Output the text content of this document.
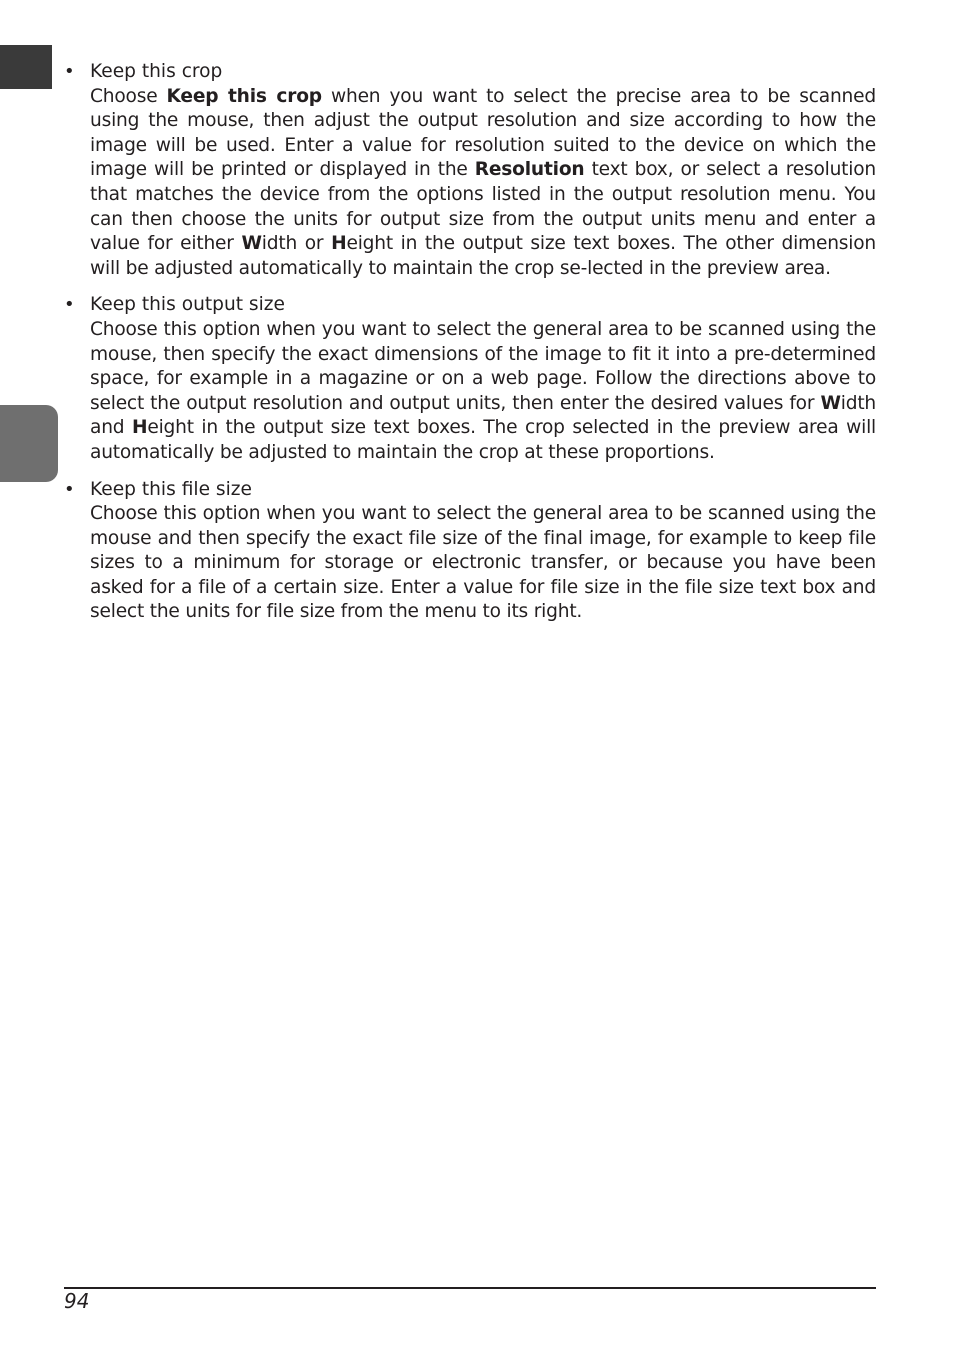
• Keep this crop
Choose Keep this crop when you want to select the precise area to be scanned using the mouse, then adjust the output resolution and size according to how the image will be used. Enter a value for resolution suited to the device on which the image will be printed or displayed in the Resolution text box, or select a resolution that matches the device from the options listed in the output resolution menu. You can then choose the units for output size from the output units menu and enter a value for either Width or Height in the output size text boxes. The other dimension will be adjusted automatically to maintain the crop se-lected in the preview area.
• Keep this output size
Choose this option when you want to select the general area to be scanned using the mouse, then specify the exact dimensions of the image to fit it into a pre-determined space, for example in a magazine or on a web page. Follow the directions above to select the output resolution and output units, then enter the desired values for Width and Height in the output size text boxes. The crop selected in the preview area will automatically be adjusted to maintain the crop at these proportions.
• Keep this file size
Choose this option when you want to select the general area to be scanned using the mouse and then specify the exact file size of the final image, for example to keep file sizes to a minimum for storage or electronic transfer, or because you have been asked for a file of a certain size. Enter a value for file size in the file size text box and select the units for file size from the menu to its right.
94
